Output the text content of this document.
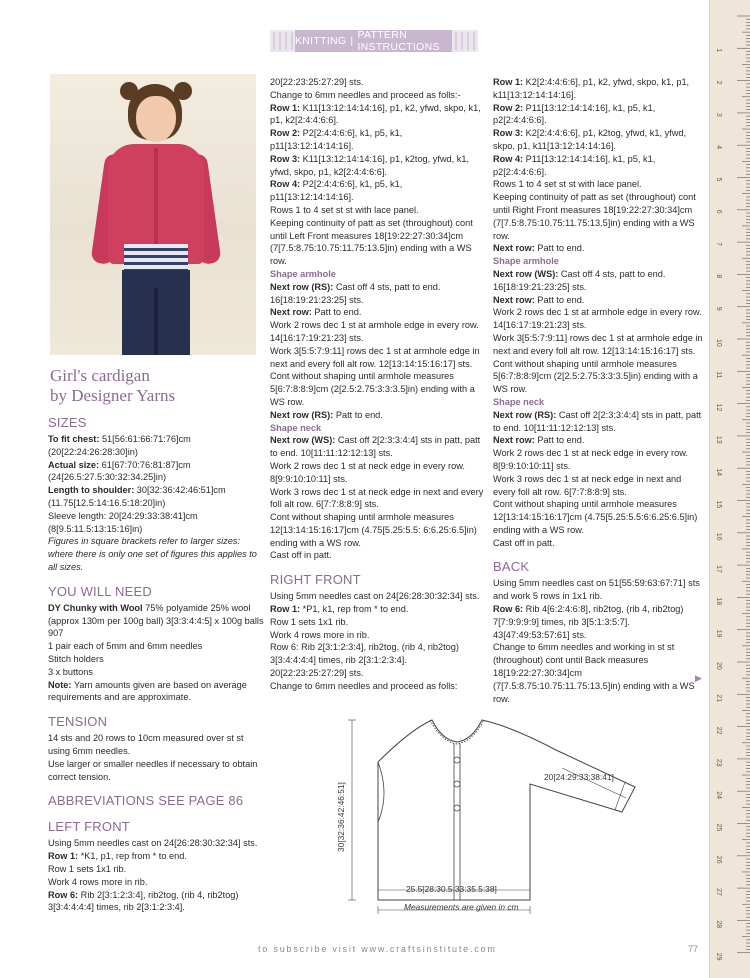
KNITTING | PATTERN INSTRUCTIONS
Girl's cardigan
by Designer Yarns
SIZES
To fit chest: 51[56:61:66:71:76]cm (20[22:24:26:28:30]in)
Actual size: 61[67:70:76:81:87]cm (24[26.5:27.5:30:32:34.25]in)
Length to shoulder: 30[32:36:42:46:51]cm (11.75[12.5:14:16.5:18:20]in)
Sleeve length: 20[24:29:33:38:41]cm (8[9.5:11.5:13:15:16]in)
Figures in square brackets refer to larger sizes: where there is only one set of figures this applies to all sizes.
YOU WILL NEED
DY Chunky with Wool 75% polyamide 25% wool (approx 130m per 100g ball) 3[3:3:4:4:5] x 100g balls 907
1 pair each of 5mm and 6mm needles
Stitch holders
3 x buttons
Note: Yarn amounts given are based on average requirements and are approximate.
TENSION
14 sts and 20 rows to 10cm measured over st st using 6mm needles.
Use larger or smaller needles if necessary to obtain correct tension.
ABBREVIATIONS SEE PAGE 86
LEFT FRONT
Using 5mm needles cast on 24[26:28:30:32:34] sts.
Row 1: *K1, p1, rep from * to end.
Row 1 sets 1x1 rib.
Work 4 rows more in rib.
Row 6: Rib 2[3:1:2:3:4], rib2tog, (rib 4, rib2tog) 3[3:4:4:4:4] times, rib 2[3:1:2:3:4].
20[22:23:25:27:29] sts.
Change to 6mm needles and proceed as folls:-
Row 1: K11[13:12:14:14:16], p1, k2, yfwd, skpo, k1, p1, k2[2:4:4:6:6].
Row 2: P2[2:4:4:6:6], k1, p5, k1, p11[13:12:14:14:16].
Row 3: K11[13:12:14:14:16], p1, k2tog, yfwd, k1, yfwd, skpo, p1, k2[2:4:4:6:6].
Row 4: P2[2:4:4:6:6], k1, p5, k1, p11[13:12:14:14:16].
Rows 1 to 4 set st st with lace panel.
Keeping continuity of patt as set (throughout) cont until Left Front measures 18[19:22:27:30:34]cm (7[7.5:8.75:10.75:11.75:13.5]in) ending with a WS row.
Shape armhole
Next row (RS): Cast off 4 sts, patt to end. 16[18:19:21:23:25] sts.
Next row: Patt to end.
Work 2 rows dec 1 st at armhole edge in every row. 14[16:17:19:21:23] sts.
Work 3[5:5:7:9:11] rows dec 1 st at armhole edge in next and every foll alt row. 12[13:14:15:16:17] sts.
Cont without shaping until armhole measures 5[6:7:8:8:9]cm (2[2.5:2.75:3:3:3.5]in) ending with a WS row.
Next row (RS): Patt to end.
Shape neck
Next row (WS): Cast off 2[2:3:3:4:4] sts in patt, patt to end. 10[11:11:12:12:13] sts.
Work 2 rows dec 1 st at neck edge in every row. 8[9:9:10:10:11] sts.
Work 3 rows dec 1 st at neck edge in next and every foll alt row. 6[7:7:8:8:9] sts.
Cont without shaping until armhole measures 12[13:14:15:16:17]cm (4.75[5.25:5.5: 6:6.25:6.5]in) ending with a WS row.
Cast off in patt.
RIGHT FRONT
Using 5mm needles cast on 24[26:28:30:32:34] sts.
Row 1: *P1, k1, rep from * to end.
Row 1 sets 1x1 rib.
Work 4 rows more in rib.
Row 6: Rib 2[3:1:2:3:4], rib2tog, (rib 4, rib2tog) 3[3:4:4:4:4] times, rib 2[3:1:2:3:4]. 20[22:23:25:27:29] sts.
Change to 6mm needles and proceed as folls:
Row 1: K2[2:4:4:6:6], p1, k2, yfwd, skpo, k1, p1, k11[13:12:14:14:16].
Row 2: P11[13:12:14:14:16], k1, p5, k1, p2[2:4:4:6:6].
Row 3: K2[2:4:4:6:6], p1, k2tog, yfwd, k1, yfwd, skpo, p1, k11[13:12:14:14:16].
Row 4: P11[13:12:14:14:16], k1, p5, k1, p2[2:4:4:6:6].
Rows 1 to 4 set st st with lace panel.
Keeping continuity of patt as set (throughout) cont until Right Front measures 18[19:22:27:30:34]cm (7[7.5:8.75:10.75:11.75:13.5]in) ending with a WS row.
Next row: Patt to end.
Shape armhole
Next row (WS): Cast off 4 sts, patt to end. 16[18:19:21:23:25] sts.
Next row: Patt to end.
Work 2 rows dec 1 st at armhole edge in every row. 14[16:17:19:21:23] sts.
Work 3[5:5:7:9:11] rows dec 1 st at armhole edge in next and every foll alt row. 12[13:14:15:16:17] sts.
Cont without shaping until armhole measures 5[6:7:8:8:9]cm (2[2.5:2.75:3:3:3.5]in) ending with a WS row.
Shape neck
Next row (RS): Cast off 2[2:3:3:4:4] sts in patt, patt to end. 10[11:11:12:12:13] sts.
Next row: Patt to end.
Work 2 rows dec 1 st at neck edge in every row. 8[9:9:10:10:11] sts.
Work 3 rows dec 1 st at neck edge in next and every foll alt row. 6[7:7:8:8:9] sts.
Cont without shaping until armhole measures 12[13:14:15:16:17]cm (4.75[5.25:5.5:6:6.25:6.5]in) ending with a WS row.
Cast off in patt.
BACK
Using 5mm needles cast on 51[55:59:63:67:71] sts and work 5 rows in 1x1 rib.
Row 6: Rib 4[6:2:4:6:8], rib2tog, (rib 4, rib2tog) 7[7:9:9:9:9] times, rib 3[5:1:3:5:7]. 43[47:49:53:57:61] sts.
Change to 6mm needles and working in st st (throughout) cont until Back measures 18[19:22:27:30:34]cm (7[7.5:8.75:10.75:11.75:13.5]in) ending with a WS row.
▶
30[32:36:42:46:51]
20[24:29:33:38:41]
25.5[28:30.5:33:35.5:38]
Measurements are given in cm
to subscribe visit www.craftsinstitute.com	77
1
2
3
4
5
6
7
8
9
10
11
12
13
14
15
16
17
18
19
20
21
22
23
24
25
26
27
28
29
